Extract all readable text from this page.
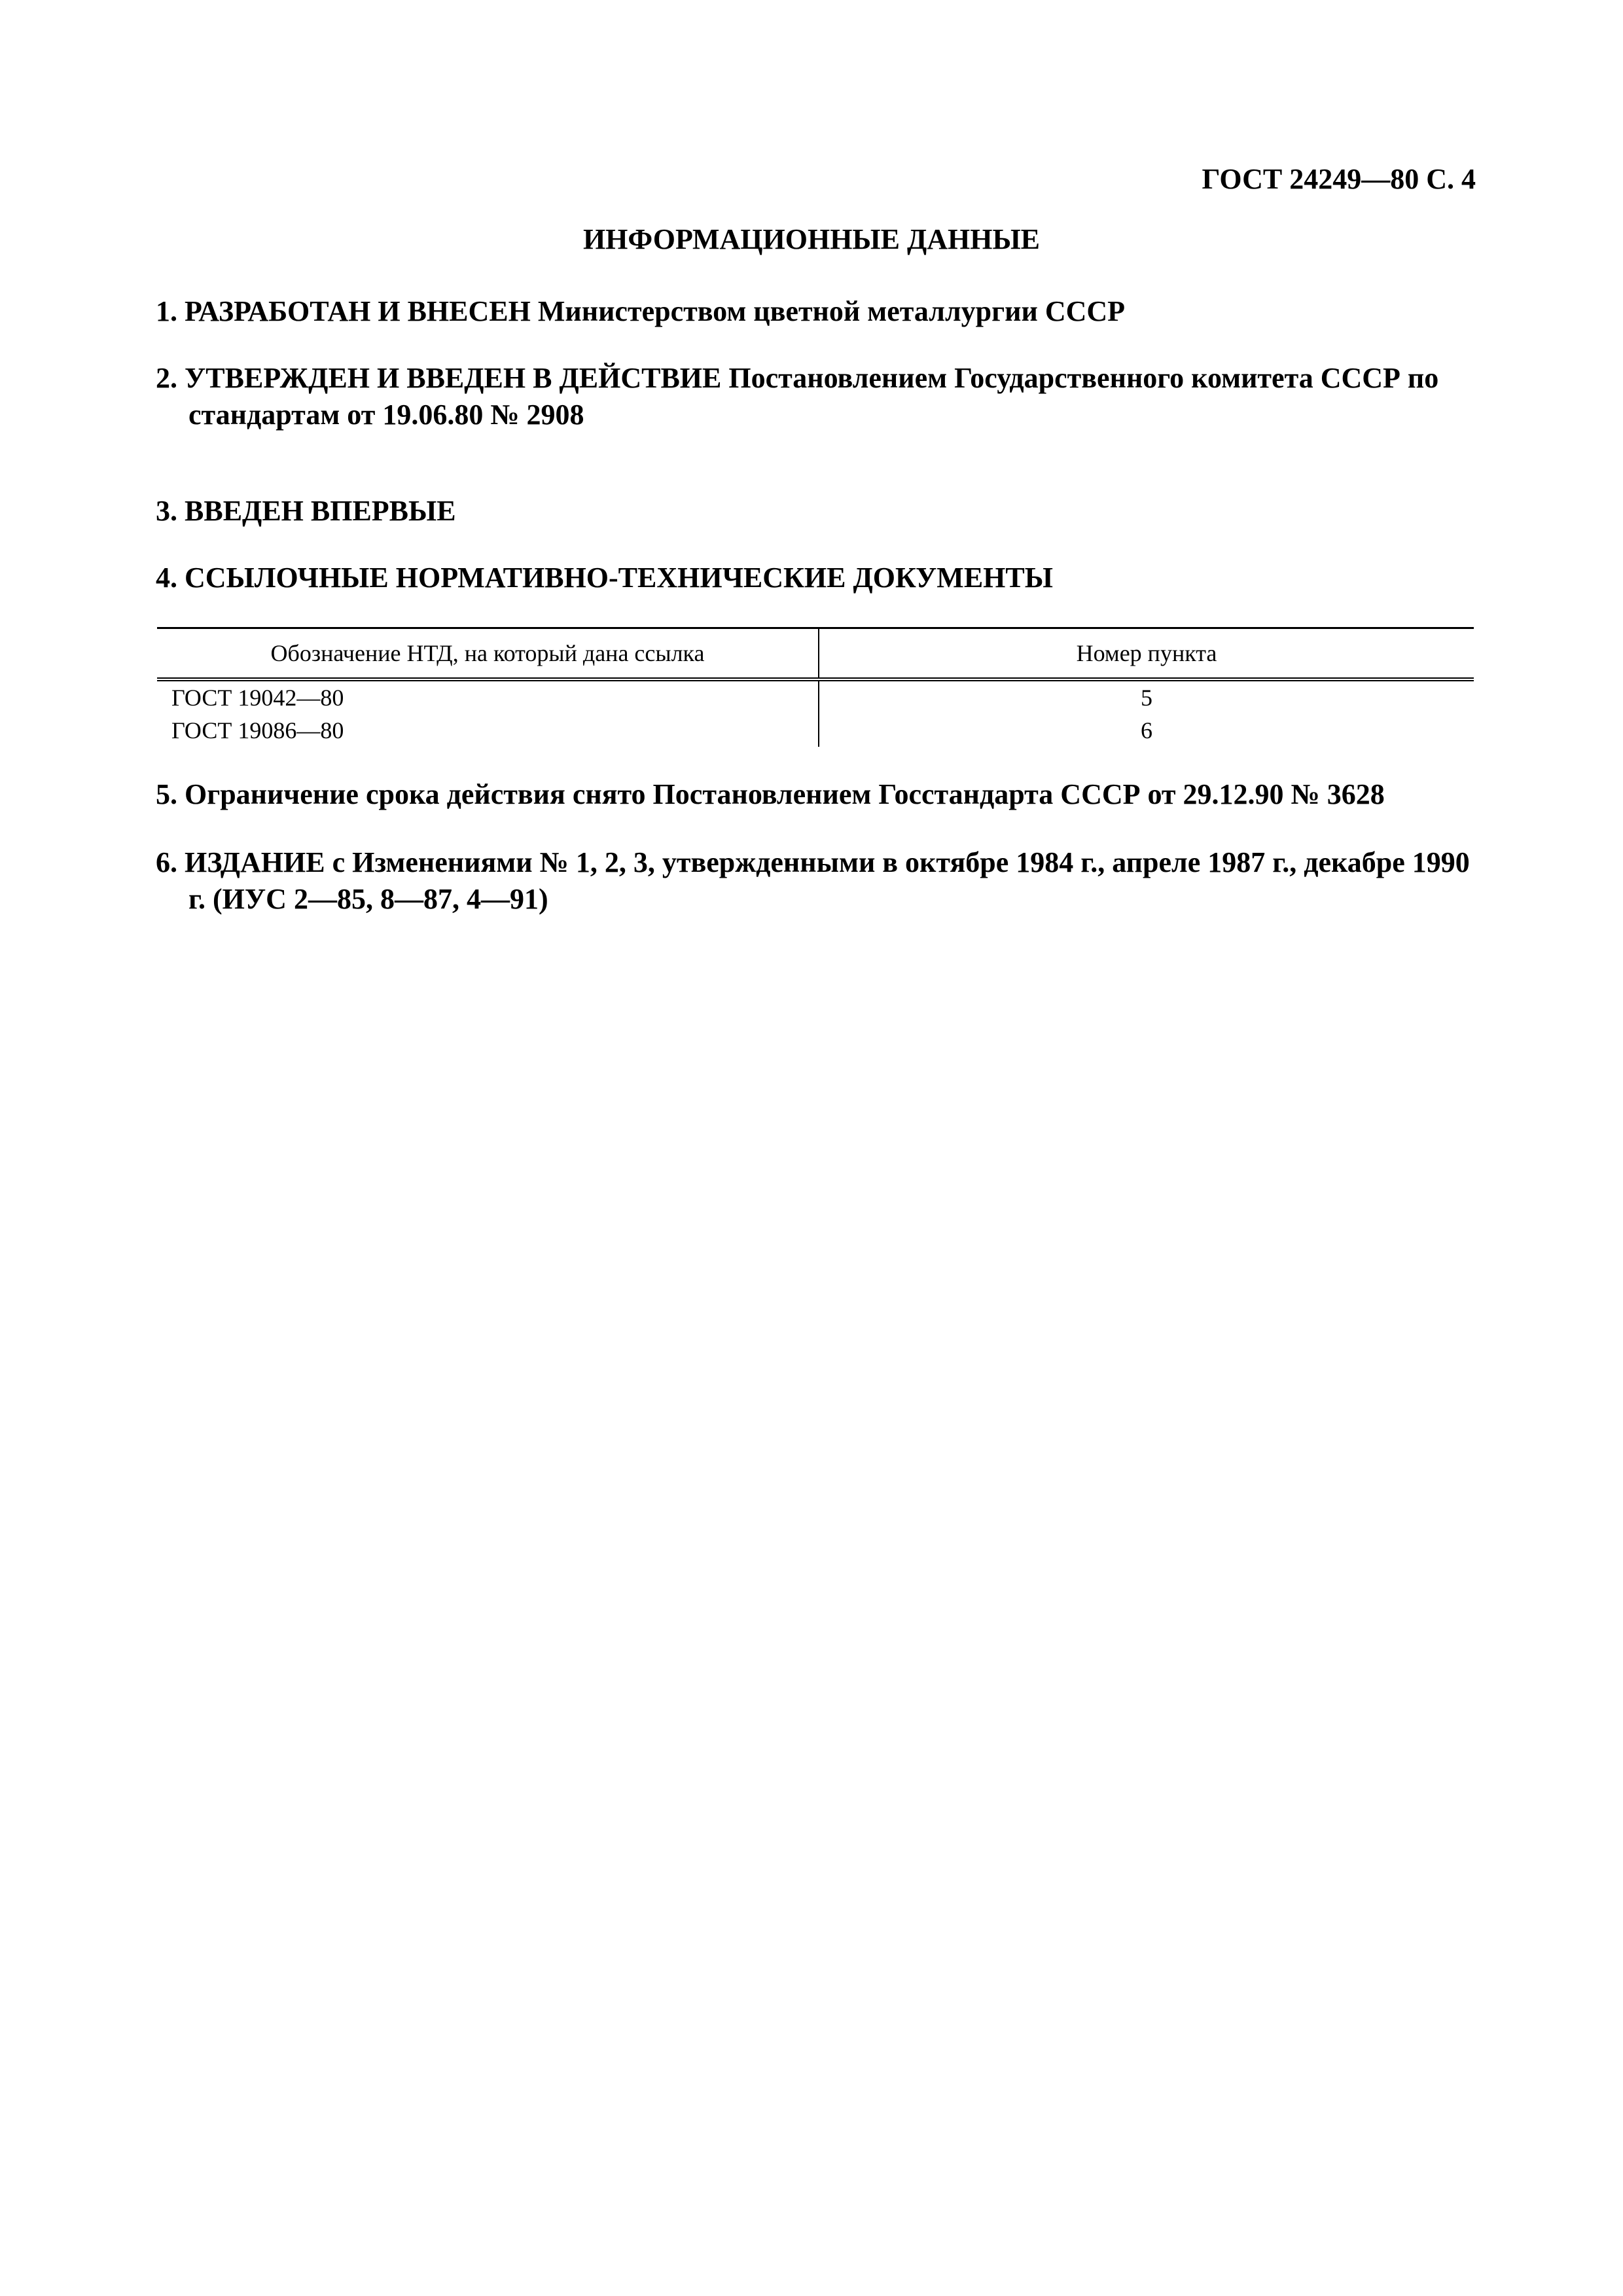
ГОСТ 24249—80 С. 4
ИНФОРМАЦИОННЫЕ ДАННЫЕ
1. РАЗРАБОТАН И ВНЕСЕН Министерством цветной металлургии СССР
2. УТВЕРЖДЕН И ВВЕДЕН В ДЕЙСТВИЕ Постановлением Государственного комитета СССР по стандартам от 19.06.80 № 2908
3. ВВЕДЕН ВПЕРВЫЕ
4. ССЫЛОЧНЫЕ НОРМАТИВНО-ТЕХНИЧЕСКИЕ ДОКУМЕНТЫ
Обозначение НТД, на который дана ссылка	Номер пункта
ГОСТ 19042—80	5
ГОСТ 19086—80	6
5. Ограничение срока действия снято Постановлением Госстандарта СССР от 29.12.90 № 3628
6. ИЗДАНИЕ с Изменениями № 1, 2, 3, утвержденными в октябре 1984 г., апреле 1987 г., декабре 1990 г. (ИУС 2—85, 8—87, 4—91)
